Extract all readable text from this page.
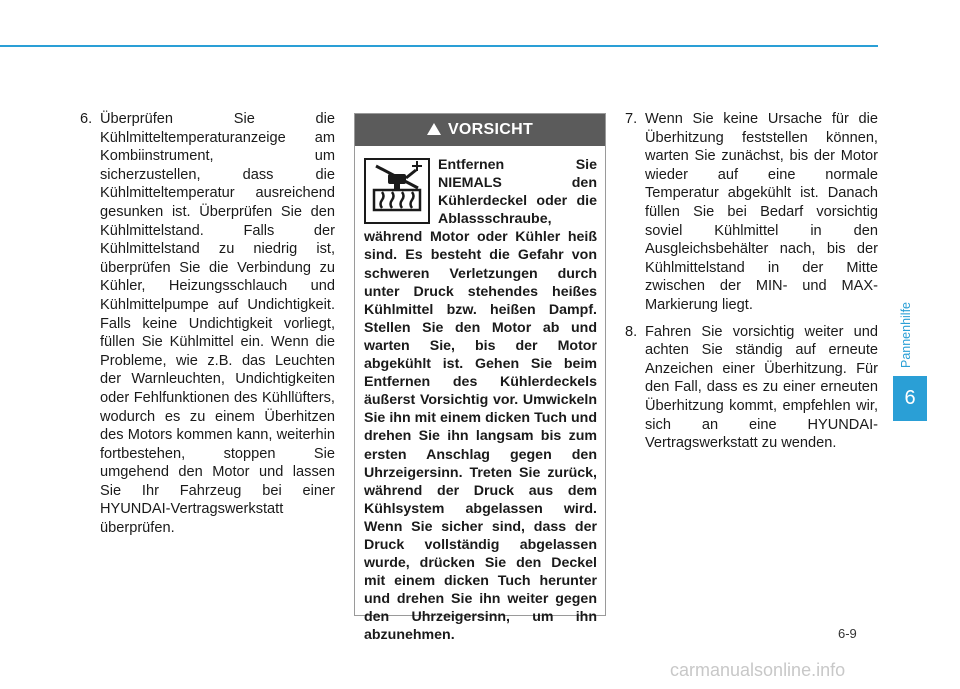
6. Überprüfen Sie die Kühlmitteltemperaturanzeige am Kombiinstrument, um sicherzustellen, dass die Kühlmitteltemperatur ausreichend gesunken ist. Überprüfen Sie den Kühlmittelstand. Falls der Kühlmittelstand zu niedrig ist, überprüfen Sie die Verbindung zu Kühler, Heizungsschlauch und Kühlmittelpumpe auf Undichtigkeit. Falls keine Undichtigkeit vorliegt, füllen Sie Kühlmittel ein. Wenn die Probleme, wie z.B. das Leuchten der Warnleuchten, Undichtigkeiten oder Fehlfunktionen des Kühllüfters, wodurch es zu einem Überhitzen des Motors kommen kann, weiterhin fortbestehen, stoppen Sie umgehend den Motor und lassen Sie Ihr Fahrzeug bei einer HYUNDAI-Vertragswerkstatt überprüfen.
VORSICHT
Entfernen Sie NIEMALS den Kühlerdeckel oder die Ablassschraube, während Motor oder Kühler heiß sind. Es besteht die Gefahr von schweren Verletzungen durch unter Druck stehendes heißes Kühlmittel bzw. heißen Dampf. Stellen Sie den Motor ab und warten Sie, bis der Motor abgekühlt ist. Gehen Sie beim Entfernen des Kühlerdeckels äußerst Vorsichtig vor. Umwickeln Sie ihn mit einem dicken Tuch und drehen Sie ihn langsam bis zum ersten Anschlag gegen den Uhrzeigersinn. Treten Sie zurück, während der Druck aus dem Kühlsystem abgelassen wird. Wenn Sie sicher sind, dass der Druck vollständig abgelassen wurde, drücken Sie den Deckel mit einem dicken Tuch herunter und drehen Sie ihn weiter gegen den Uhrzeigersinn, um ihn abzunehmen.
7. Wenn Sie keine Ursache für die Überhitzung feststellen können, warten Sie zunächst, bis der Motor wieder auf eine normale Temperatur abgekühlt ist. Danach füllen Sie bei Bedarf vorsichtig soviel Kühlmittel in den Ausgleichsbehälter nach, bis der Kühlmittelstand in der Mitte zwischen der MIN- und MAX-Markierung liegt.
8. Fahren Sie vorsichtig weiter und achten Sie ständig auf erneute Anzeichen einer Überhitzung. Für den Fall, dass es zu einer erneuten Überhitzung kommt, empfehlen wir, sich an eine HYUNDAI-Vertragswerkstatt zu wenden.
Pannenhilfe
6
6-9
carmanualsonline.info
